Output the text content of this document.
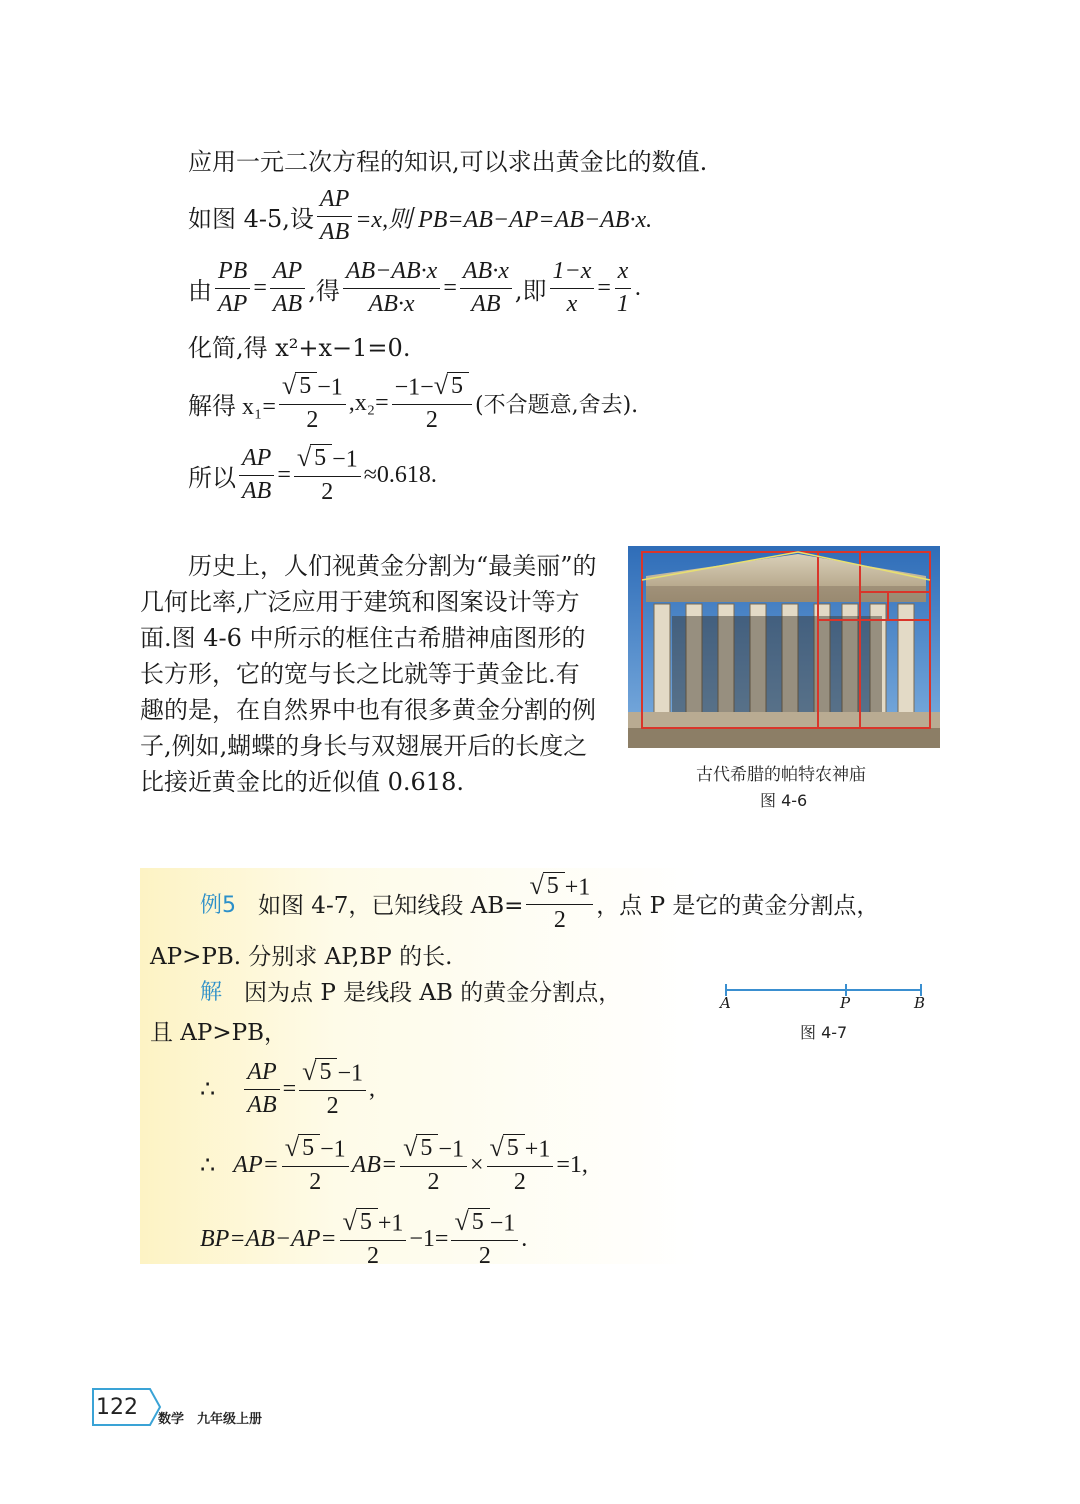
应用一元二次方程的知识,可以求出黄金比的数值.
如图 4-5,设 $\frac{AP}{AB} =x$,则 PB=AB−AP=AB−AB·x.
由 $\frac{PB}{AP} = \frac{AP}{AB}$ ,得 $\frac{AB-AB\cdot x}{AB\cdot x} = \frac{AB\cdot x}{AB}$ ,即 $\frac{1-x}{x} = \frac{x}{1}$ .
化简,得 x²+x−1=0.
解得 $x_1= \frac{√ 5 -1}{2} ,x_2= \frac{-1- √ 5}{2}$ (不合题意,舍去).
所以 $\frac{AP}{AB} = \frac{√ 5 -1}{2} \approx 0.618$.
历史上，人们视黄金分割为“最美丽”的几何比率,广泛应用于建筑和图案设计等方面.图 4-6 中所示的框住古希腊神庙图形的长方形，它的宽与长之比就等于黄金比.有趣的是，在自然界中也有很多黄金分割的例子,例如,蝴蝶的身长与双翅展开后的长度之比接近黄金比的近似值 0.618.	古代希腊的帕特农神庙
图 4-6
例5 如图 4-7，已知线段 $AB= \frac{√ 5 +1}{2}$ ，点 P 是它的黄金分割点，
AP>PB. 分别求 AP,BP 的长.
解 因为点 P 是线段 AB 的黄金分割点，
且 AP>PB，
A	P	B
图 4-7
∴ $\frac{AP}{AB} = \frac{√ 5 -1}{2}$ ,
∴ $AP= \frac{√ 5 -1}{2} AB= \frac{√ 5 -1}{2} \times \frac{√ 5 +1}{2} =1$,
$BP=AB-AP= \frac{√ 5 +1}{2} -1= \frac{√ 5 -1}{2}$ .
122 数学　九年级上册
